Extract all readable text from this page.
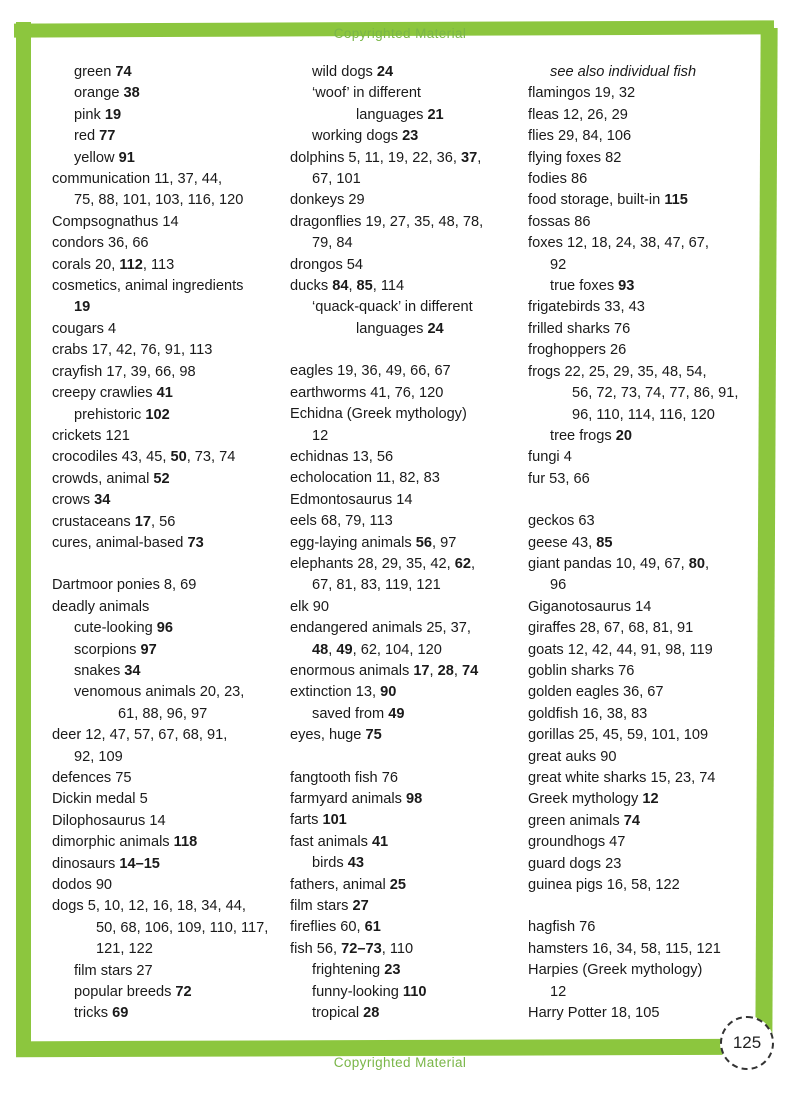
Copyrighted Material
green 74
orange 38
pink 19
red 77
yellow 91
communication 11, 37, 44,
75, 88, 101, 103, 116, 120
Compsognathus 14
condors 36, 66
corals 20, 112, 113
cosmetics, animal ingredients
19
cougars 4
crabs 17, 42, 76, 91, 113
crayfish 17, 39, 66, 98
creepy crawlies 41
prehistoric 102
crickets 121
crocodiles 43, 45, 50, 73, 74
crowds, animal 52
crows 34
crustaceans 17, 56
cures, animal-based 73
Dartmoor ponies 8, 69
deadly animals
cute-looking 96
scorpions 97
snakes 34
venomous animals 20, 23,
61, 88, 96, 97
deer 12, 47, 57, 67, 68, 91,
92, 109
defences 75
Dickin medal 5
Dilophosaurus 14
dimorphic animals 118
dinosaurs 14–15
dodos 90
dogs 5, 10, 12, 16, 18, 34, 44,
50, 68, 106, 109, 110, 117,
121, 122
film stars 27
popular breeds 72
tricks 69
wild dogs 24
‘woof’ in different
languages 21
working dogs 23
dolphins 5, 11, 19, 22, 36, 37,
67, 101
donkeys 29
dragonflies 19, 27, 35, 48, 78,
79, 84
drongos 54
ducks 84, 85, 114
‘quack-quack’ in different
languages 24
eagles 19, 36, 49, 66, 67
earthworms 41, 76, 120
Echidna (Greek mythology)
12
echidnas 13, 56
echolocation 11, 82, 83
Edmontosaurus 14
eels 68, 79, 113
egg-laying animals 56, 97
elephants 28, 29, 35, 42, 62,
67, 81, 83, 119, 121
elk 90
endangered animals 25, 37,
48, 49, 62, 104, 120
enormous animals 17, 28, 74
extinction 13, 90
saved from 49
eyes, huge 75
fangtooth fish 76
farmyard animals 98
farts 101
fast animals 41
birds 43
fathers, animal 25
film stars 27
fireflies 60, 61
fish 56, 72–73, 110
frightening 23
funny-looking 110
tropical 28
see also individual fish
flamingos 19, 32
fleas 12, 26, 29
flies 29, 84, 106
flying foxes 82
fodies 86
food storage, built-in 115
fossas 86
foxes 12, 18, 24, 38, 47, 67,
92
true foxes 93
frigatebirds 33, 43
frilled sharks 76
froghoppers 26
frogs 22, 25, 29, 35, 48, 54,
56, 72, 73, 74, 77, 86, 91,
96, 110, 114, 116, 120
tree frogs 20
fungi 4
fur 53, 66
geckos 63
geese 43, 85
giant pandas 10, 49, 67, 80,
96
Giganotosaurus 14
giraffes 28, 67, 68, 81, 91
goats 12, 42, 44, 91, 98, 119
goblin sharks 76
golden eagles 36, 67
goldfish 16, 38, 83
gorillas 25, 45, 59, 101, 109
great auks 90
great white sharks 15, 23, 74
Greek mythology 12
green animals 74
groundhogs 47
guard dogs 23
guinea pigs 16, 58, 122
hagfish 76
hamsters 16, 34, 58, 115, 121
Harpies (Greek mythology)
12
Harry Potter 18, 105
Copyrighted Material
125
